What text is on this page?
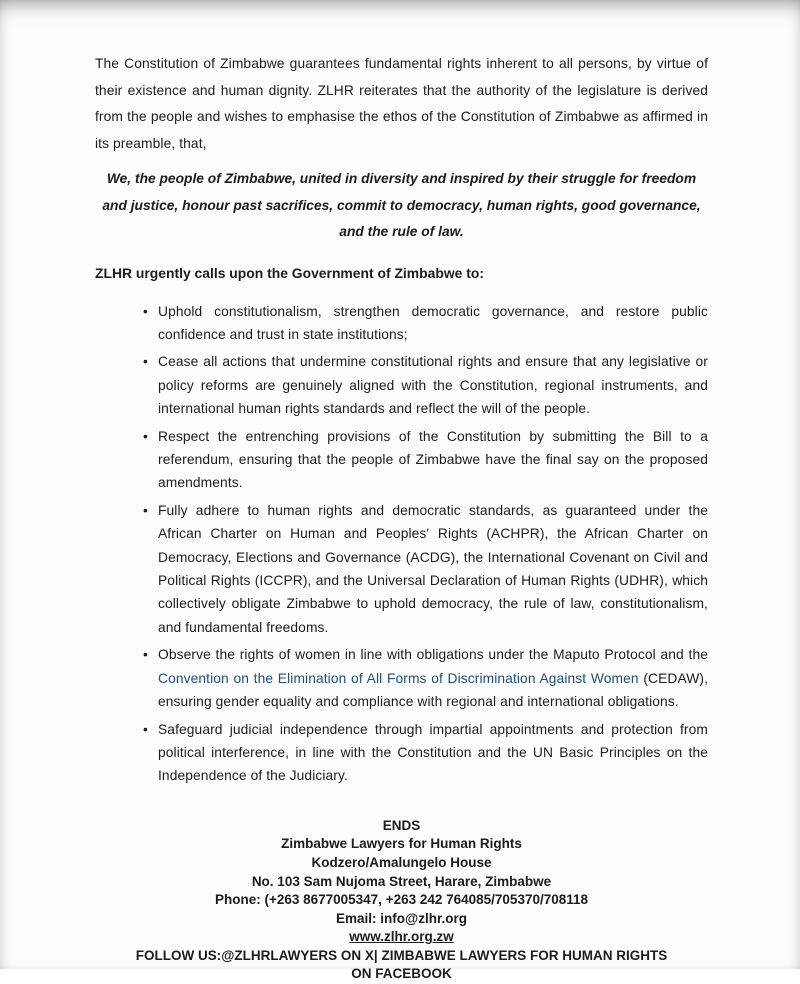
The Constitution of Zimbabwe guarantees fundamental rights inherent to all persons, by virtue of their existence and human dignity. ZLHR reiterates that the authority of the legislature is derived from the people and wishes to emphasise the ethos of the Constitution of Zimbabwe as affirmed in its preamble, that,

We, the people of Zimbabwe, united in diversity and inspired by their struggle for freedom and justice, honour past sacrifices, commit to democracy, human rights, good governance, and the rule of law.

ZLHR urgently calls upon the Government of Zimbabwe to:

• Uphold constitutionalism, strengthen democratic governance, and restore public confidence and trust in state institutions;
• Cease all actions that undermine constitutional rights and ensure that any legislative or policy reforms are genuinely aligned with the Constitution, regional instruments, and international human rights standards and reflect the will of the people.
• Respect the entrenching provisions of the Constitution by submitting the Bill to a referendum, ensuring that the people of Zimbabwe have the final say on the proposed amendments.
• Fully adhere to human rights and democratic standards, as guaranteed under the African Charter on Human and Peoples' Rights (ACHPR), the African Charter on Democracy, Elections and Governance (ACDG), the International Covenant on Civil and Political Rights (ICCPR), and the Universal Declaration of Human Rights (UDHR), which collectively obligate Zimbabwe to uphold democracy, the rule of law, constitutionalism, and fundamental freedoms.
• Observe the rights of women in line with obligations under the Maputo Protocol and the Convention on the Elimination of All Forms of Discrimination Against Women (CEDAW), ensuring gender equality and compliance with regional and international obligations.
• Safeguard judicial independence through impartial appointments and protection from political interference, in line with the Constitution and the UN Basic Principles on the Independence of the Judiciary.

ENDS

Zimbabwe Lawyers for Human Rights

Kodzero/Amalungelo House

No. 103 Sam Nujoma Street, Harare, Zimbabwe

Phone: (+263 8677005347, +263 242 764085/705370/708118

Email: info@zlhr.org

www.zlhr.org.zw

FOLLOW US:@ZLHRLAWYERS ON X| ZIMBABWE LAWYERS FOR HUMAN RIGHTS

ON FACEBOOK
